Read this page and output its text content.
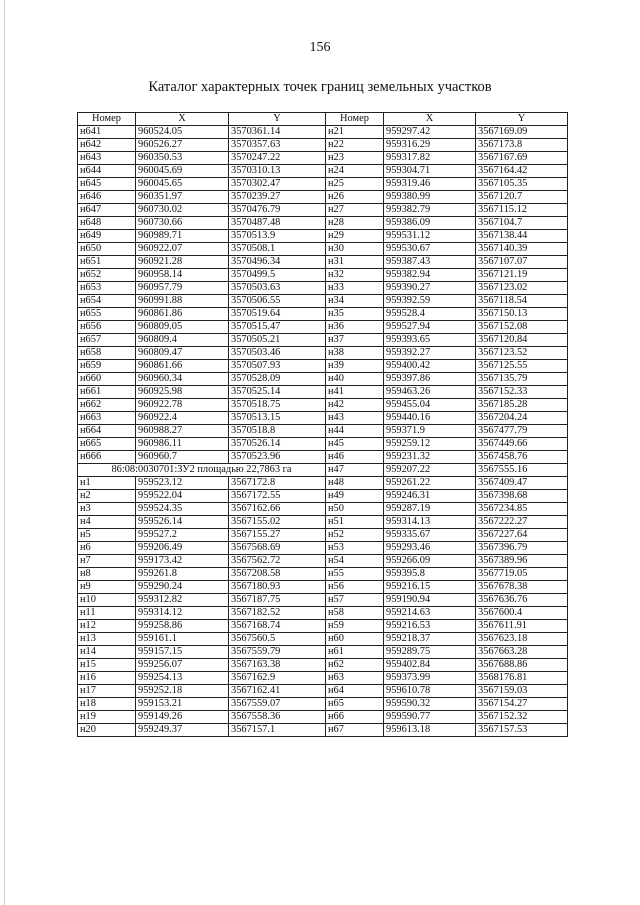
156
Каталог характерных точек границ земельных участков
Номер	X	Y	Номер	X	Y
н641	960524.05	3570361.14	н21	959297.42	3567169.09
н642	960526.27	3570357.63	н22	959316.29	3567173.8
н643	960350.53	3570247.22	н23	959317.82	3567167.69
н644	960045.69	3570310.13	н24	959304.71	3567164.42
н645	960045.65	3570302.47	н25	959319.46	3567105.35
н646	960351.97	3570239.27	н26	959380.99	3567120.7
н647	960730.02	3570476.79	н27	959382.79	3567115.12
н648	960730.66	3570487.48	н28	959386.09	3567104.7
н649	960989.71	3570513.9	н29	959531.12	3567138.44
н650	960922.07	3570508.1	н30	959530.67	3567140.39
н651	960921.28	3570496.34	н31	959387.43	3567107.07
н652	960958.14	3570499.5	н32	959382.94	3567121.19
н653	960957.79	3570503.63	н33	959390.27	3567123.02
н654	960991.88	3570506.55	н34	959392.59	3567118.54
н655	960861.86	3570519.64	н35	959528.4	3567150.13
н656	960809.05	3570515.47	н36	959527.94	3567152.08
н657	960809.4	3570505.21	н37	959393.65	3567120.84
н658	960809.47	3570503.46	н38	959392.27	3567123.52
н659	960861.66	3570507.93	н39	959400.42	3567125.55
н660	960960.34	3570528.09	н40	959397.86	3567135.79
н661	960925.98	3570525.14	н41	959463.26	3567152.33
н662	960922.78	3570518.75	н42	959455.04	3567185.28
н663	960922.4	3570513.15	н43	959440.16	3567204.24
н664	960988.27	3570518.8	н44	959371.9	3567477.79
н665	960986.11	3570526.14	н45	959259.12	3567449.66
н666	960960.7	3570523.96	н46	959231.32	3567458.76
86:08:0030701:ЗУ2 площадью 22,7863 га			н47	959207.22	3567555.16
н1	959523.12	3567172.8	н48	959261.22	3567409.47
н2	959522.04	3567172.55	н49	959246.31	3567398.68
н3	959524.35	3567162.66	н50	959287.19	3567234.85
н4	959526.14	3567155.02	н51	959314.13	3567222.27
н5	959527.2	3567155.27	н52	959335.67	3567227.64
н6	959206.49	3567568.69	н53	959293.46	3567396.79
н7	959173.42	3567562.72	н54	959266.09	3567389.96
н8	959261.8	3567208.58	н55	959395.8	3567719.05
н9	959290.24	3567180.93	н56	959216.15	3567678.38
н10	959312.82	3567187.75	н57	959190.94	3567636.76
н11	959314.12	3567182.52	н58	959214.63	3567600.4
н12	959258.86	3567168.74	н59	959216.53	3567611.91
н13	959161.1	3567560.5	н60	959218.37	3567623.18
н14	959157.15	3567559.79	н61	959289.75	3567663.28
н15	959256.07	3567163.38	н62	959402.84	3567688.86
н16	959254.13	3567162.9	н63	959373.99	3568176.81
н17	959252.18	3567162.41	н64	959610.78	3567159.03
н18	959153.21	3567559.07	н65	959590.32	3567154.27
н19	959149.26	3567558.36	н66	959590.77	3567152.32
н20	959249.37	3567157.1	н67	959613.18	3567157.53
